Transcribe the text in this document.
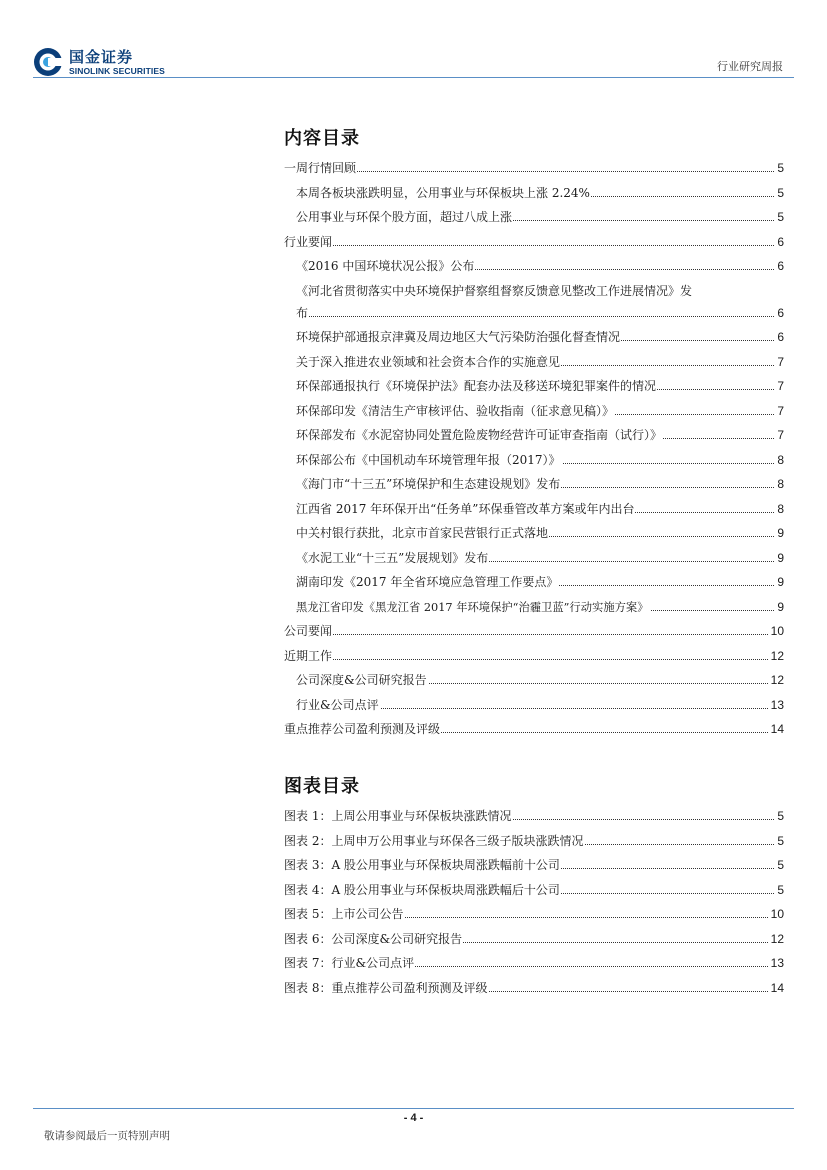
国金证券
SINOLINK SECURITIES	行业研究周报
内容目录
一周行情回顾	5
本周各板块涨跌明显，公用事业与环保板块上涨 2.24%	5
公用事业与环保个股方面，超过八成上涨	5
行业要闻	6
《2016 中国环境状况公报》公布	6
《河北省贯彻落实中央环境保护督察组督察反馈意见整改工作进展情况》发
布	6
环境保护部通报京津冀及周边地区大气污染防治强化督查情况	6
关于深入推进农业领域和社会资本合作的实施意见	7
环保部通报执行《环境保护法》配套办法及移送环境犯罪案件的情况	7
环保部印发《清洁生产审核评估、验收指南（征求意见稿）》	7
环保部发布《水泥窑协同处置危险废物经营许可证审查指南（试行）》	7
环保部公布《中国机动车环境管理年报（2017）》	8
《海门市“十三五”环境保护和生态建设规划》发布	8
江西省 2017 年环保开出“任务单”环保垂管改革方案或年内出台	8
中关村银行获批，北京市首家民营银行正式落地	9
《水泥工业“十三五”发展规划》发布	9
湖南印发《2017 年全省环境应急管理工作要点》	9
黑龙江省印发《黑龙江省 2017 年环境保护“治霾卫蓝”行动实施方案》	9
公司要闻	10
近期工作	12
公司深度&公司研究报告	12
行业&公司点评	13
重点推荐公司盈利预测及评级	14
图表目录
图表 1：上周公用事业与环保板块涨跌情况	5
图表 2：上周申万公用事业与环保各三级子版块涨跌情况	5
图表 3：A 股公用事业与环保板块周涨跌幅前十公司	5
图表 4：A 股公用事业与环保板块周涨跌幅后十公司	5
图表 5：上市公司公告	10
图表 6：公司深度&公司研究报告	12
图表 7：行业&公司点评	13
图表 8：重点推荐公司盈利预测及评级	14
- 4 -
敬请参阅最后一页特别声明
